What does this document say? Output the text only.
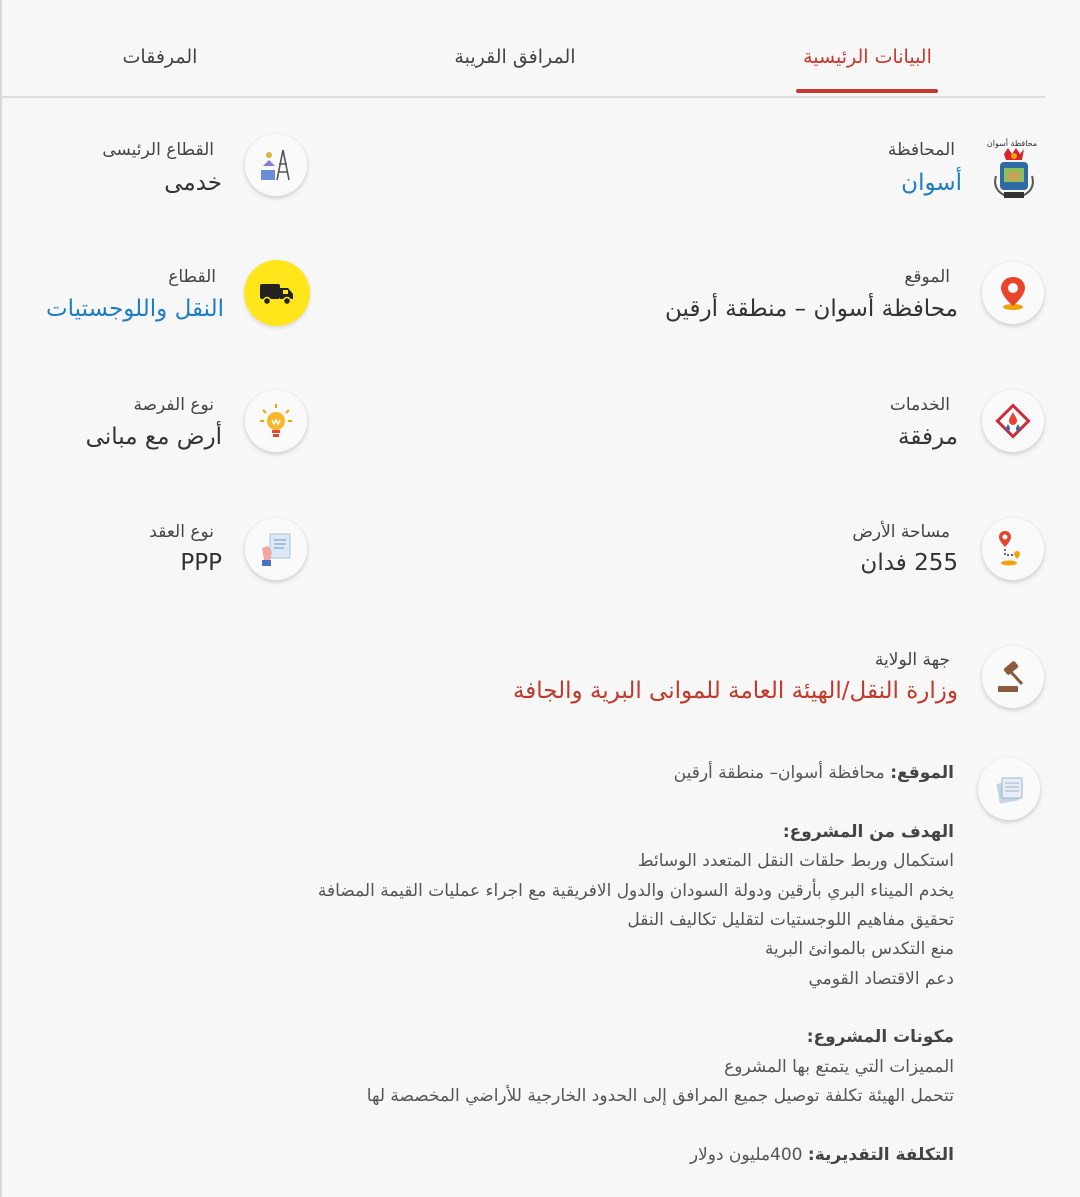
المرفقات	المرافق القريبة	البيانات الرئيسية
محافظة أسوان
المحافظة
أسوان
القطاع الرئيسى
خدمى
الموقع
محافظة أسوان – منطقة أرقين
القطاع
النقل واللوجستيات
الخدمات
مرفقة
نوع الفرصة
أرض مع مبانى
مساحة الأرض
255 فدان
نوع العقد
PPP
جهة الولاية
وزارة النقل/الهيئة العامة للموانى البرية والجافة
الموقع: محافظة أسوان– منطقة أرقين
الهدف من المشروع:
استكمال وربط حلقات النقل المتعدد الوسائط
يخدم الميناء البري بأرقين ودولة السودان والدول الافريقية مع اجراء عمليات القيمة المضافة
تحقيق مفاهيم اللوجستيات لتقليل تكاليف النقل
منع التكدس بالموانئ البرية
دعم الاقتصاد القومي
مكونات المشروع:
المميزات التي يتمتع بها المشروع
تتحمل الهيئة تكلفة توصيل جميع المرافق إلى الحدود الخارجية للأراضي المخصصة لها
التكلفة التقديرية: 400مليون دولار
